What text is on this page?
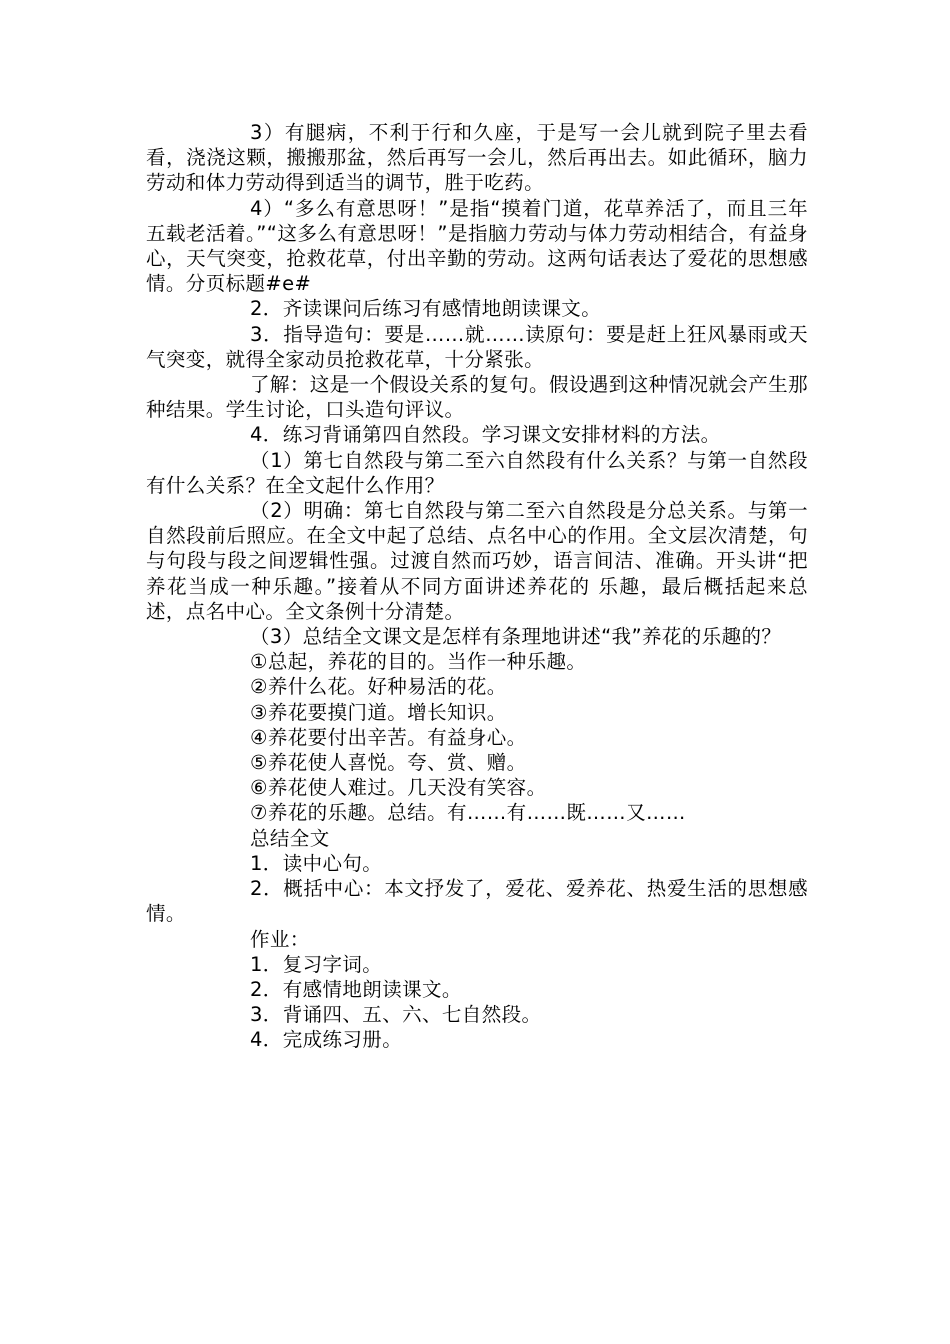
3）有腿病，不利于行和久座，于是写一会儿就到院子里去看看，浇浇这颗，搬搬那盆，然后再写一会儿，然后再出去。如此循环，脑力劳动和体力劳动得到适当的调节，胜于吃药。

4）“多么有意思呀！”是指“摸着门道，花草养活了，而且三年五载老活着。”“这多么有意思呀！”是指脑力劳动与体力劳动相结合，有益身心，天气突变，抢救花草，付出辛勤的劳动。这两句话表达了爱花的思想感情。分页标题#e#

2．齐读课问后练习有感情地朗读课文。

3．指导造句：要是……就……读原句：要是赶上狂风暴雨或天气突变，就得全家动员抢救花草，十分紧张。

了解：这是一个假设关系的复句。假设遇到这种情况就会产生那种结果。学生讨论，口头造句评议。

4．练习背诵第四自然段。学习课文安排材料的方法。

（1）第七自然段与第二至六自然段有什么关系？与第一自然段有什么关系？在全文起什么作用？

（2）明确：第七自然段与第二至六自然段是分总关系。与第一自然段前后照应。在全文中起了总结、点名中心的作用。全文层次清楚，句与句段与段之间逻辑性强。过渡自然而巧妙，语言间洁、准确。开头讲“把养花当成一种乐趣。”接着从不同方面讲述养花的 乐趣，最后概括起来总述，点名中心。全文条例十分清楚。

（3）总结全文课文是怎样有条理地讲述“我”养花的乐趣的？

①总起，养花的目的。当作一种乐趣。

②养什么花。好种易活的花。

③养花要摸门道。增长知识。

④养花要付出辛苦。有益身心。

⑤养花使人喜悦。夸、赏、赠。

⑥养花使人难过。几天没有笑容。

⑦养花的乐趣。总结。有……有……既……又……

总结全文

1．读中心句。

2．概括中心：本文抒发了，爱花、爱养花、热爱生活的思想感情。

作业：

1．复习字词。

2．有感情地朗读课文。

3．背诵四、五、六、七自然段。

4．完成练习册。
